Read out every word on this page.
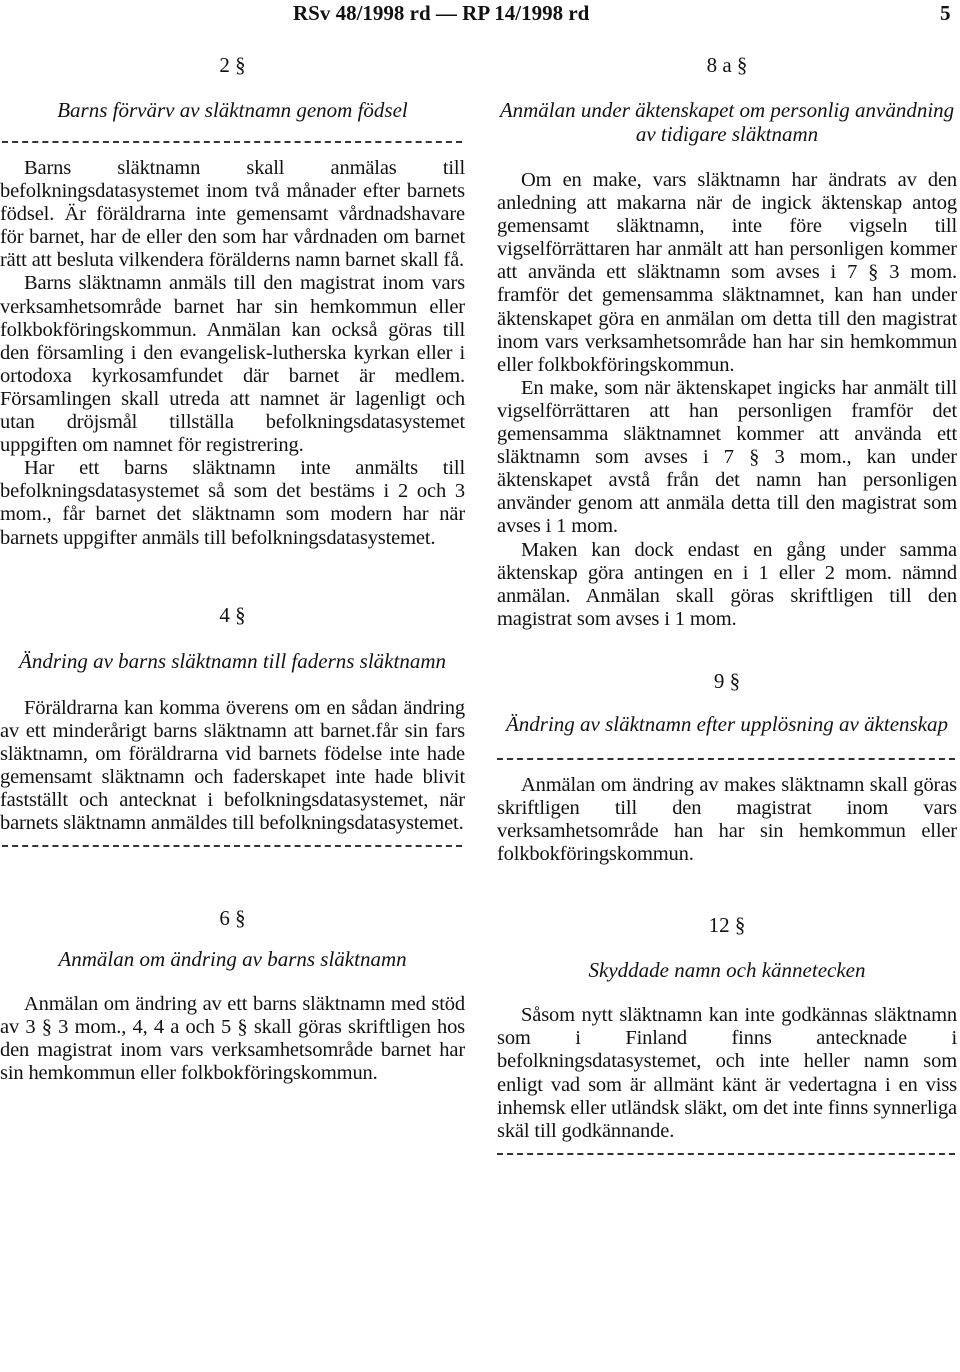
RSv 48/1998 rd — RP 14/1998 rd	5

2 §

Barns förvärv av släktnamn genom födsel

Barns släktnamn skall anmälas till befolkningsdatasystemet inom två månader efter barnets födsel. Är föräldrarna inte gemensamt vårdnadshavare för barnet, har de eller den som har vårdnaden om barnet rätt att besluta vilkendera förälderns namn barnet skall få.
Barns släktnamn anmäls till den magistrat inom vars verksamhetsområde barnet har sin hemkommun eller folkbokföringskommun. Anmälan kan också göras till den församling i den evangelisk-lutherska kyrkan eller i ortodoxa kyrkosamfundet där barnet är medlem. Församlingen skall utreda att namnet är lagenligt och utan dröjsmål tillställa befolkningsdatasystemet uppgiften om namnet för registrering.
Har ett barns släktnamn inte anmälts till befolkningsdatasystemet så som det bestäms i 2 och 3 mom., får barnet det släktnamn som modern har när barnets uppgifter anmäls till befolkningsdatasystemet.

4 §

Ändring av barns släktnamn till faderns släktnamn

Föräldrarna kan komma överens om en sådan ändring av ett minderårigt barns släktnamn att barnet.får sin fars släktnamn, om föräldrarna vid barnets födelse inte hade gemensamt släktnamn och faderskapet inte hade blivit fastställt och antecknat i befolkningsdatasystemet, när barnets släktnamn anmäldes till befolkningsdatasystemet.

6 §

Anmälan om ändring av barns släktnamn

Anmälan om ändring av ett barns släktnamn med stöd av 3 § 3 mom., 4, 4 a och 5 § skall göras skriftligen hos den magistrat inom vars verksamhetsområde barnet har sin hemkommun eller folkbokföringskommun.

8 a §

Anmälan under äktenskapet om personlig användning av tidigare släktnamn

Om en make, vars släktnamn har ändrats av den anledning att makarna när de ingick äktenskap antog gemensamt släktnamn, inte före vigseln till vigselförrättaren har anmält att han personligen kommer att använda ett släktnamn som avses i 7 § 3 mom. framför det gemensamma släktnamnet, kan han under äktenskapet göra en anmälan om detta till den magistrat inom vars verksamhetsområde han har sin hemkommun eller folkbokföringskommun.
En make, som när äktenskapet ingicks har anmält till vigselförrättaren att han personligen framför det gemensamma släktnamnet kommer att använda ett släktnamn som avses i 7 § 3 mom., kan under äktenskapet avstå från det namn han personligen använder genom att anmäla detta till den magistrat som avses i 1 mom.
Maken kan dock endast en gång under samma äktenskap göra antingen en i 1 eller 2 mom. nämnd anmälan. Anmälan skall göras skriftligen till den magistrat som avses i 1 mom.

9 §

Ändring av släktnamn efter upplösning av äktenskap

Anmälan om ändring av makes släktnamn skall göras skriftligen till den magistrat inom vars verksamhetsområde han har sin hemkommun eller folkbokföringskommun.

12 §

Skyddade namn och kännetecken

Såsom nytt släktnamn kan inte godkännas släktnamn som i Finland finns antecknade i befolkningsdatasystemet, och inte heller namn som enligt vad som är allmänt känt är vedertagna i en viss inhemsk eller utländsk släkt, om det inte finns synnerliga skäl till godkännande.
